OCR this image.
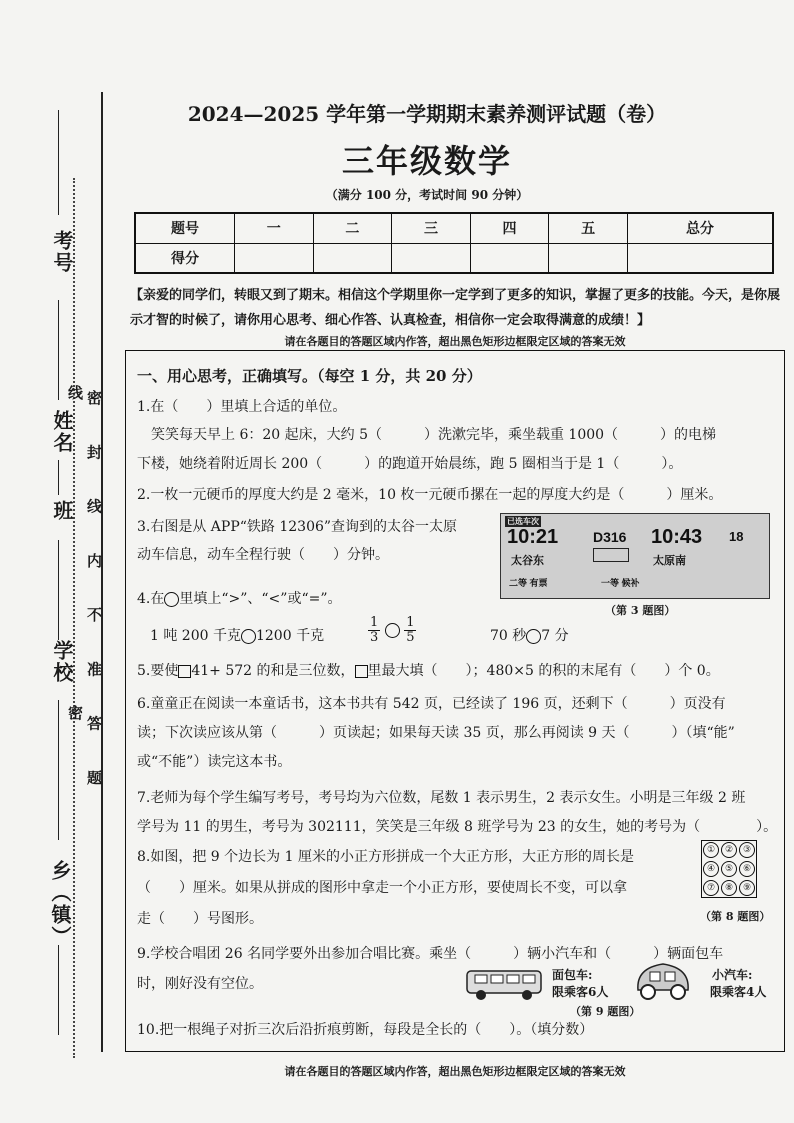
考号
姓名
班
学校
乡（镇）
密 封 线 内 不 准 答 题
线
密
2024—2025 学年第一学期期末素养测评试题（卷）
三年级数学
（满分 100 分，考试时间 90 分钟）
题号	一	二	三	四	五	总分
得分						
【亲爱的同学们，转眼又到了期末。相信这个学期里你一定学到了更多的知识，掌握了更多的技能。今天，是你展示才智的时候了，请你用心思考、细心作答、认真检查，相信你一定会取得满意的成绩！】
请在各题目的答题区域内作答，超出黑色矩形边框限定区域的答案无效
一、用心思考，正确填写。（每空 1 分，共 20 分）
1.在（　　）里填上合适的单位。
　笑笑每天早上 6：20 起床，大约 5（　　　）洗漱完毕，乘坐载重 1000（　　　）的电梯
下楼，她绕着附近周长 200（　　　）的跑道开始晨练，跑 5 圈相当于是 1（　　　）。
2.一枚一元硬币的厚度大约是 2 毫米，10 枚一元硬币摞在一起的厚度大约是（　　　）厘米。
3.右图是从 APP“铁路 12306”查询到的太谷一太原
动车信息，动车全程行驶（　　）分钟。
已选车次
10:21 D316 10:43 18
太谷东	太原南
二等 有票	一等 候补
（第 3 题图）
4.在 里填上“>”、“<”或“=”。
1 吨 200 千克 1200 千克	$\frac{1}{3} \frac{1}{5}$	70 秒 7 分
5.要使 41+ 572 的和是三位数， 里最大填（　　）；480×5 的积的末尾有（　　）个 0。
6.童童正在阅读一本童话书，这本书共有 542 页，已经读了 196 页，还剩下（　　　）页没有
读；下次读应该从第（　　　）页读起；如果每天读 35 页，那么再阅读 9 天（　　　）（填“能”
或“不能”）读完这本书。
7.老师为每个学生编写考号，考号均为六位数，尾数 1 表示男生，2 表示女生。小明是三年级 2 班
学号为 11 的男生，考号为 302111，笑笑是三年级 8 班学号为 23 的女生，她的考号为（　　　　）。
8.如图，把 9 个边长为 1 厘米的小正方形拼成一个大正方形，大正方形的周长是
（　　）厘米。如果从拼成的图形中拿走一个小正方形，要使周长不变，可以拿
走（　　）号图形。
①	②	③
④	⑤	⑥
⑦	⑧	⑨
（第 8 题图）
9.学校合唱团 26 名同学要外出参加合唱比赛。乘坐（　　　）辆小汽车和（　　　）辆面包车
时，刚好没有空位。
面包车:
限乘客6人
小汽车:
限乘客4人
（第 9 题图）
10.把一根绳子对折三次后沿折痕剪断，每段是全长的（　　）。（填分数）
请在各题目的答题区域内作答，超出黑色矩形边框限定区域的答案无效
